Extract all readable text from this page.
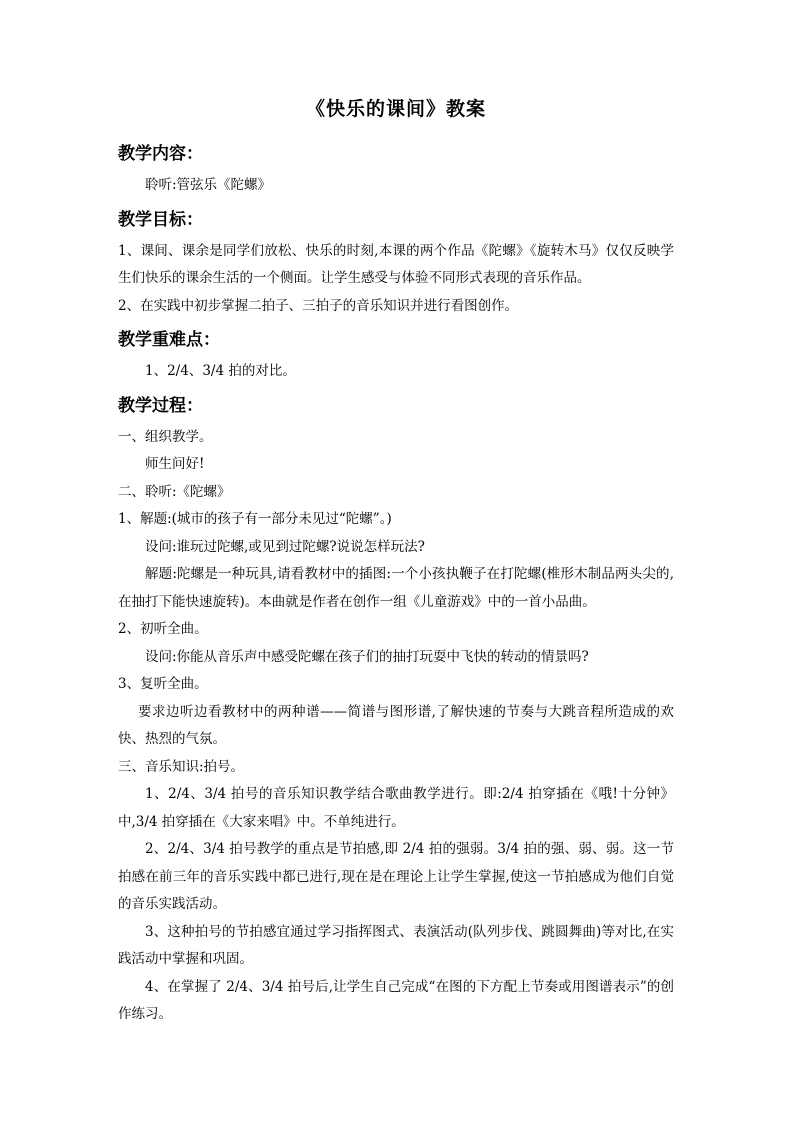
《快乐的课间》教案
教学内容：

聆听:管弦乐《陀螺》

教学目标：

1、课间、课余是同学们放松、快乐的时刻,本课的两个作品《陀螺》《旋转木马》仅仅反映学生们快乐的课余生活的一个侧面。让学生感受与体验不同形式表现的音乐作品。

2、在实践中初步掌握二拍子、三拍子的音乐知识并进行看图创作。

教学重难点：

1、2/4、3/4 拍的对比。

教学过程：

一、组织教学。

师生问好!

二、聆听:《陀螺》

1、解题:(城市的孩子有一部分未见过“陀螺”。)

设问:谁玩过陀螺,或见到过陀螺?说说怎样玩法?

解题:陀螺是一种玩具,请看教材中的插图:一个小孩执鞭子在打陀螺(椎形木制品两头尖的,在抽打下能快速旋转)。本曲就是作者在创作一组《儿童游戏》中的一首小品曲。

2、初听全曲。

设问:你能从音乐声中感受陀螺在孩子们的抽打玩耍中飞快的转动的情景吗?

3、复听全曲。

要求边听边看教材中的两种谱——简谱与图形谱,了解快速的节奏与大跳音程所造成的欢快、热烈的气氛。

三、音乐知识:拍号。

1、2/4、3/4 拍号的音乐知识教学结合歌曲教学进行。即:2/4 拍穿插在《哦!十分钟》中,3/4 拍穿插在《大家来唱》中。不单纯进行。

2、2/4、3/4 拍号教学的重点是节拍感,即 2/4 拍的强弱。3/4 拍的强、弱、弱。这一节拍感在前三年的音乐实践中都已进行,现在是在理论上让学生掌握,使这一节拍感成为他们自觉的音乐实践活动。

3、这种拍号的节拍感宜通过学习指挥图式、表演活动(队列步伐、跳圆舞曲)等对比,在实践活动中掌握和巩固。

4、在掌握了 2/4、3/4 拍号后,让学生自己完成“在图的下方配上节奏或用图谱表示”的创作练习。
